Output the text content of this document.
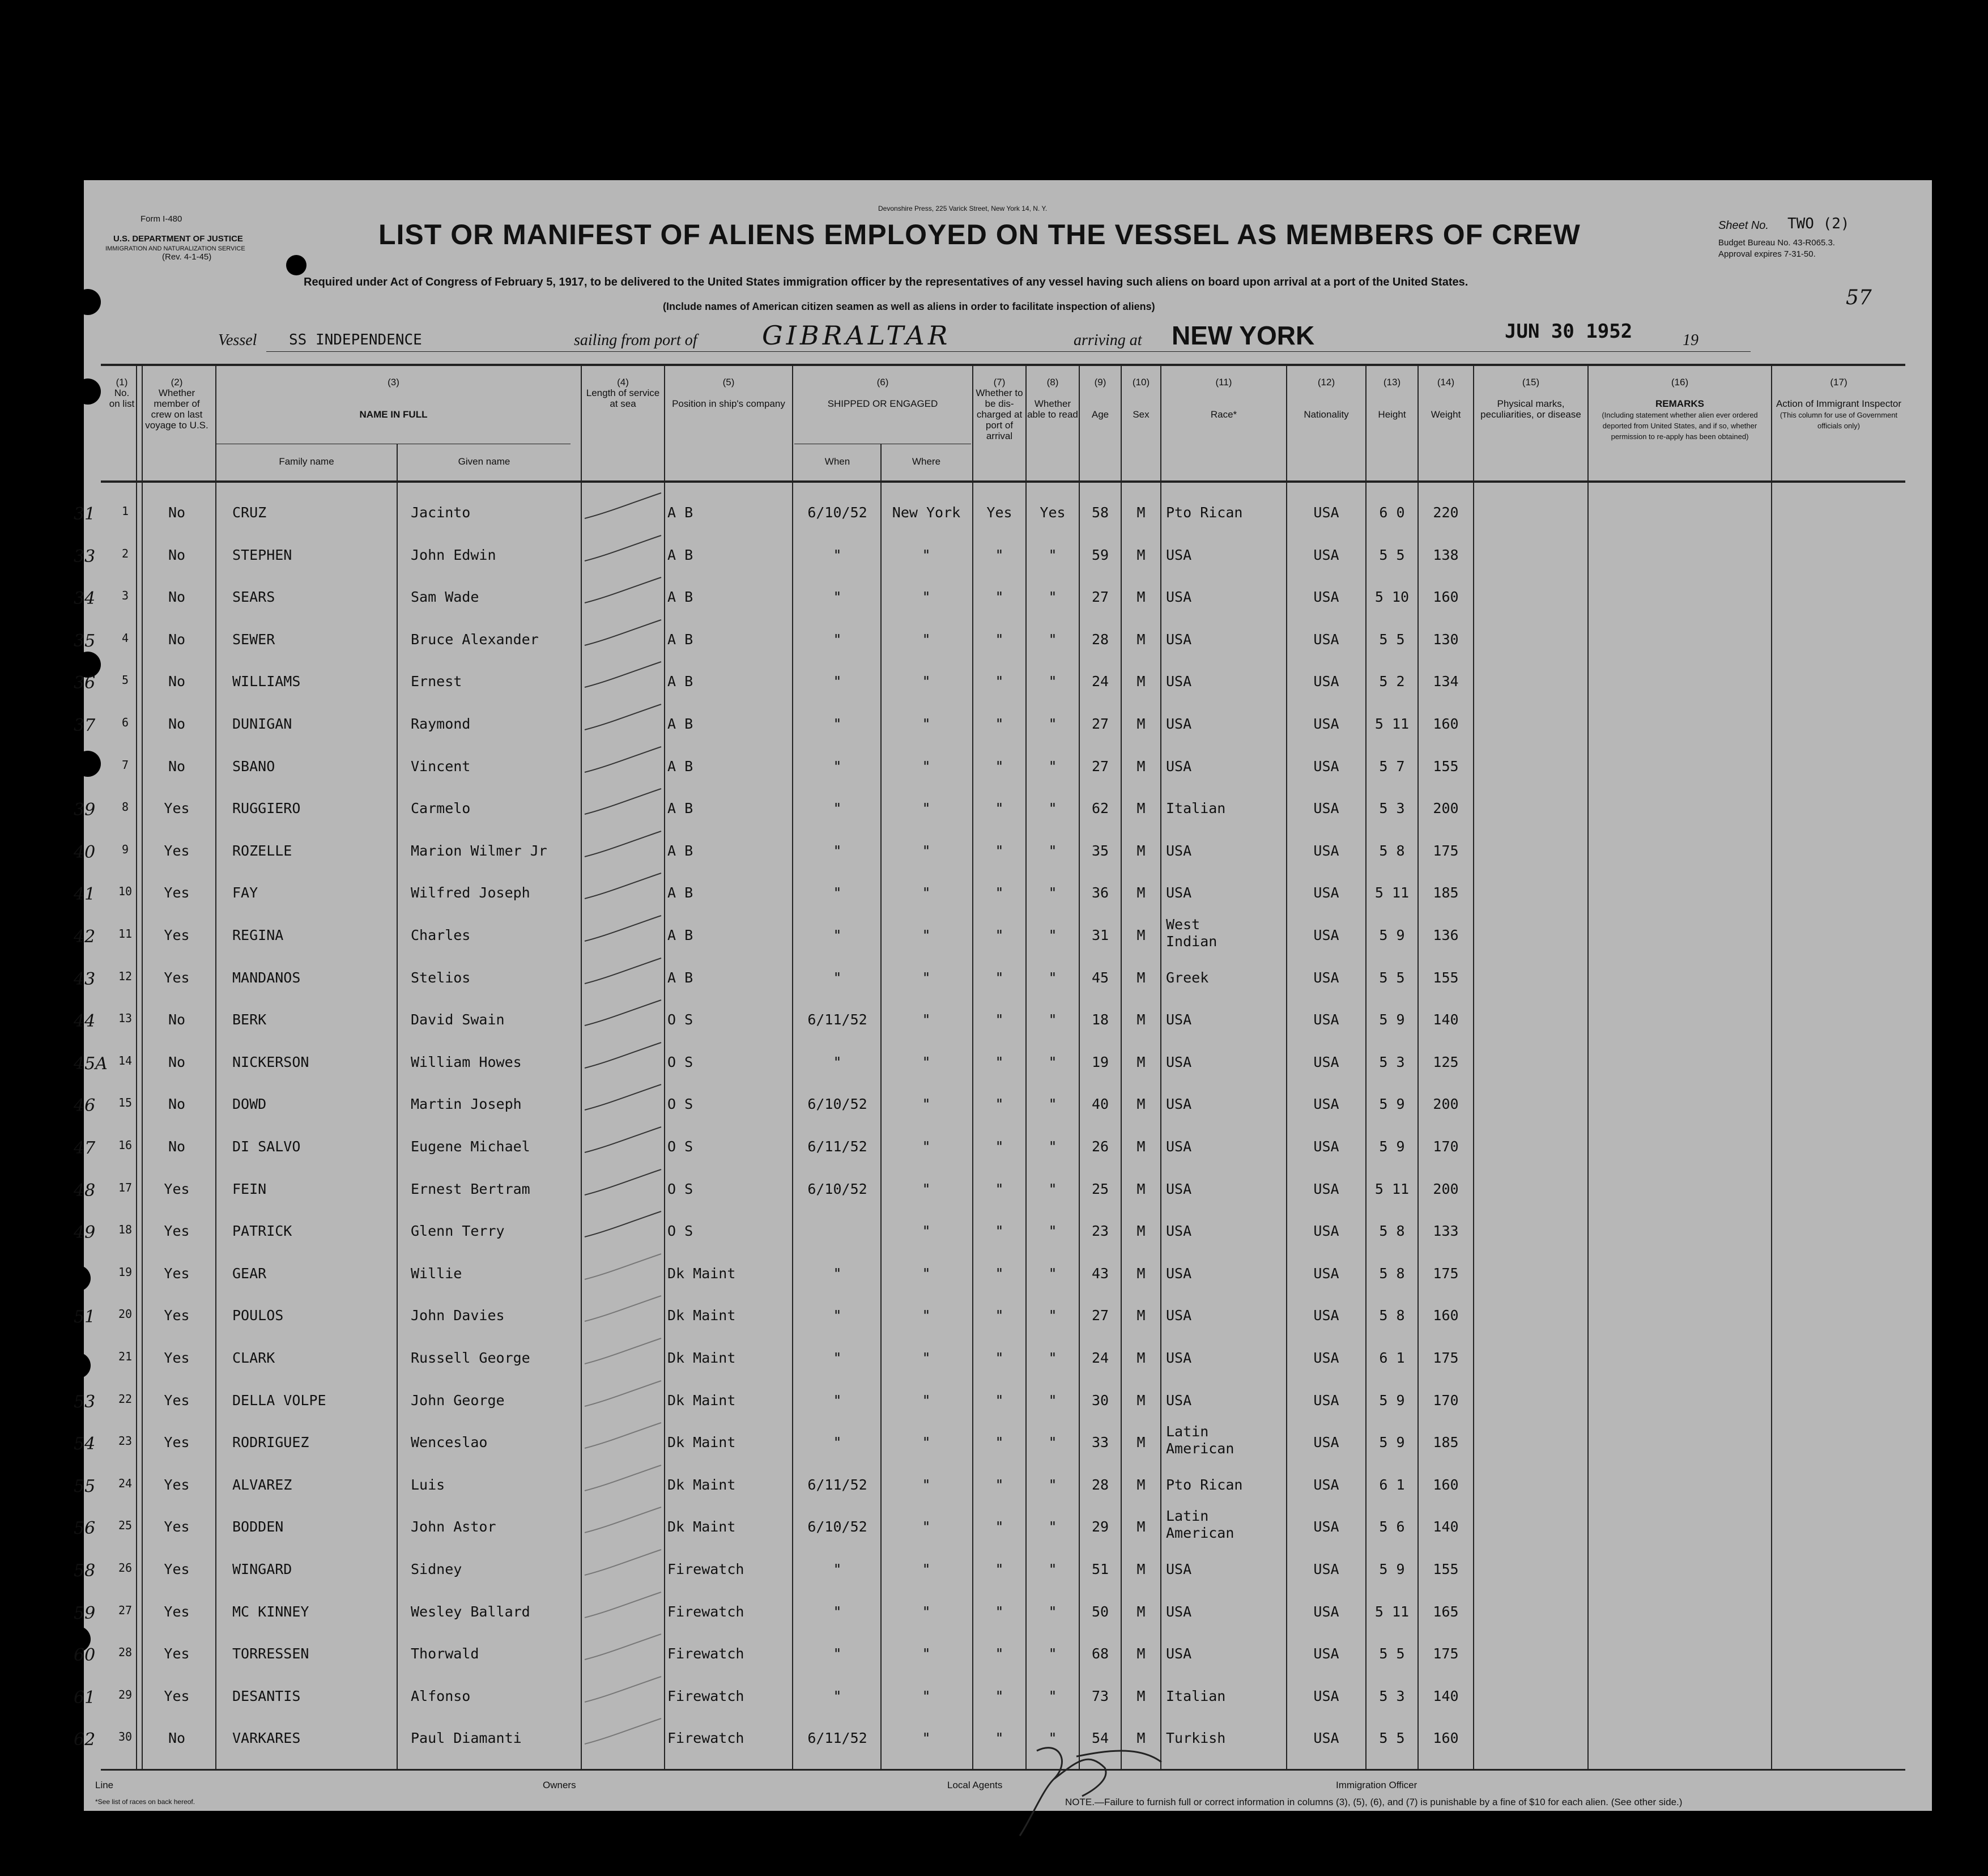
Form I-480
U.S. DEPARTMENT OF JUSTICE
IMMIGRATION AND NATURALIZATION SERVICE
(Rev. 4-1-45)
Devonshire Press, 225 Varick Street, New York 14, N. Y.
LIST OR MANIFEST OF ALIENS EMPLOYED ON THE VESSEL AS MEMBERS OF CREW
Required under Act of Congress of February 5, 1917, to be delivered to the United States immigration officer by the representatives of any vessel having such aliens on board upon arrival at a port of the United States.
(Include names of American citizen seamen as well as aliens in order to facilitate inspection of aliens)
Sheet No. TWO (2)
Budget Bureau No. 43-R065.3.
Approval expires 7-31-50.
57
Vessel SS INDEPENDENCE	sailing from port of GIBRALTAR	arriving at NEW YORK	JUN 30 1952	19
(1)
No. on list
(2)
Whether member of crew on last voyage to U.S.
(3)
NAME IN FULL
Family name	Given name
(4)
Length of service at sea
(5)

Position in ship's company
(6)

SHIPPED OR ENGAGED
When	Where
(7)
Whether to be dis-charged at port of arrival
(8)

Whether able to read
(9)

Age
(10)

Sex
(11)

Race*
(12)

Nationality
(13)

Height
(14)

Weight
(15)

Physical marks, peculiarities, or disease
(16)

REMARKS
(Including statement whether alien ever ordered deported from United States, and if so, whether permission to re-apply has been obtained)
(17)

Action of Immigrant Inspector
(This column for use of Government officials only)
31	1	No	CRUZ	Jacinto	A B	6/10/52	New York	Yes	Yes	58	M	USA	6 0	220
Pto Rican
33	2	No	STEPHEN	John Edwin	A B	"	"	"	"	59	M	USA	5 5	138
USA
34	3	No	SEARS	Sam Wade	A B	"	"	"	"	27	M	USA	5 10	160
USA
35	4	No	SEWER	Bruce Alexander	A B	"	"	"	"	28	M	USA	5 5	130
USA
36	5	No	WILLIAMS	Ernest	A B	"	"	"	"	24	M	USA	5 2	134
USA
37	6	No	DUNIGAN	Raymond	A B	"	"	"	"	27	M	USA	5 11	160
USA
7	No	SBANO	Vincent	A B	"	"	"	"	27	M	USA	5 7	155
USA
39	8	Yes	RUGGIERO	Carmelo	A B	"	"	"	"	62	M	USA	5 3	200
Italian
40	9	Yes	ROZELLE	Marion Wilmer Jr	A B	"	"	"	"	35	M	USA	5 8	175
USA
41	10	Yes	FAY	Wilfred Joseph	A B	"	"	"	"	36	M	USA	5 11	185
USA
42	11	Yes	REGINA	Charles	A B	"	"	"	"	31	M	USA	5 9	136
West
Indian
43	12	Yes	MANDANOS	Stelios	A B	"	"	"	"	45	M	USA	5 5	155
Greek
44	13	No	BERK	David Swain	O S	6/11/52	"	"	"	18	M	USA	5 9	140
USA
45A 14	No	NICKERSON	William Howes	O S	"	"	"	"	19	M	USA	5 3	125
USA
46	15	No	DOWD	Martin Joseph	O S	6/10/52	"	"	"	40	M	USA	5 9	200
USA
47	16	No	DI SALVO	Eugene Michael	O S	6/11/52	"	"	"	26	M	USA	5 9	170
USA
48	17	Yes	FEIN	Ernest Bertram	O S	6/10/52	"	"	"	25	M	USA	5 11	200
USA
49	18	Yes	PATRICK	Glenn Terry	O S	"	"	"	23	M	USA	5 8	133
USA
19	Yes	GEAR	Willie	Dk Maint	"	"	"	"	43	M	USA	5 8	175
USA
51	20	Yes	POULOS	John Davies	Dk Maint	"	"	"	"	27	M	USA	5 8	160
USA
21	Yes	CLARK	Russell George	Dk Maint	"	"	"	"	24	M	USA	6 1	175
USA
53	22	Yes	DELLA VOLPE	John George	Dk Maint	"	"	"	"	30	M	USA	5 9	170
USA
54	23	Yes	RODRIGUEZ	Wenceslao	Dk Maint	"	"	"	"	33	M	USA	5 9	185
Latin
American
55	24	Yes	ALVAREZ	Luis	Dk Maint	6/11/52	"	"	"	28	M	USA	6 1	160
Pto Rican
56	25	Yes	BODDEN	John Astor	Dk Maint	6/10/52	"	"	"	29	M	USA	5 6	140
Latin
American
58	26	Yes	WINGARD	Sidney	Firewatch	"	"	"	"	51	M	USA	5 9	155
USA
59	27	Yes	MC KINNEY	Wesley Ballard	Firewatch	"	"	"	"	50	M	USA	5 11	165
USA
60	28	Yes	TORRESSEN	Thorwald	Firewatch	"	"	"	"	68	M	USA	5 5	175
USA
61	29	Yes	DESANTIS	Alfonso	Firewatch	"	"	"	"	73	M	USA	5 3	140
Italian
62	30	No	VARKARES	Paul Diamanti	Firewatch	6/11/52	"	"	"	54	M	USA	5 5	160
Turkish
Line	Owners	Local Agents	Immigration Officer
*See list of races on back hereof.	NOTE.—Failure to furnish full or correct information in columns (3), (5), (6), and (7) is punishable by a fine of $10 for each alien. (See other side.)
